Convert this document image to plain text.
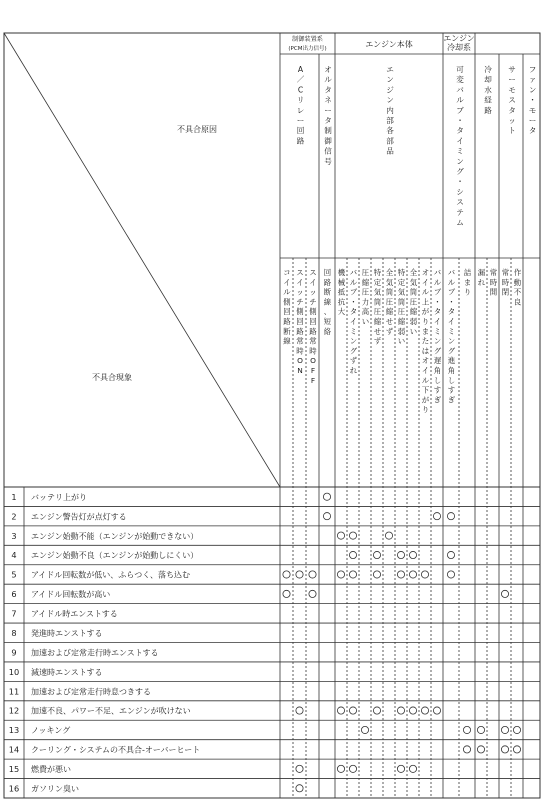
不具合原因
不具合現象
制御装置系
(PCM出力信号)	エンジン本体
エンジン
冷却系
A
／
C
リ
レ
ー
回
路
オ
ル
タ
ネ
ー
タ
制
御
信
号
エ
ン
ジ
ン
内
部
各
部
品
可
変
バ
ル
ブ
・
タ
イ
ミ
ン
グ
・
シ
ス
テ
ム
冷
却
水
経
路
サ
ー
モ
ス
タ
ッ
ト
フ
ァ
ン
・
モ
ー
タ
コ
イ
ル
側
回
路
断
線
ス
イ
ッ
チ
側
回
路
常
時
O
N
ス
イ
ッ
チ
側
回
路
常
時
O
F
F
回
路
断
線
、
短
絡
機
械
抵
抗
大
バ
ル
ブ
・
タ
イ
ミ
ン
グ
ず
れ
圧
縮
圧
力
高
い
特
定
気
筒
圧
縮
せ
ず
全
気
筒
圧
縮
せ
ず
特
定
気
筒
圧
縮
弱
い
全
気
筒
圧
縮
弱
い
オ
イ
ル
上
が
り
ま
た
は
オ
イ
ル
下
が
り
バ
ル
ブ
・
タ
イ
ミ
ン
グ
遅
角
し
す
ぎ
バ
ル
ブ
・
タ
イ
ミ
ン
グ
進
角
し
す
ぎ
詰
ま
り
漏
れ
常
時
開
常
時
閉
作
動
不
良
1 バッテリ上がり
2 エンジン警告灯が点灯する
3 エンジン始動不能（エンジンが始動できない）
4 エンジン始動不良（エンジンが始動しにくい）
5 アイドル回転数が低い、ふらつく、落ち込む
6 アイドル回転数が高い
7 アイドル時エンストする
8 発進時エンストする
9 加速および定常走行時エンストする
10 減速時エンストする
11 加速および定常走行時息つきする
12 加速不良、パワー不足、エンジンが吹けない
13 ノッキング
14 クーリング・システムの不具合-オーバーヒート
15 燃費が悪い
16 ガソリン臭い
